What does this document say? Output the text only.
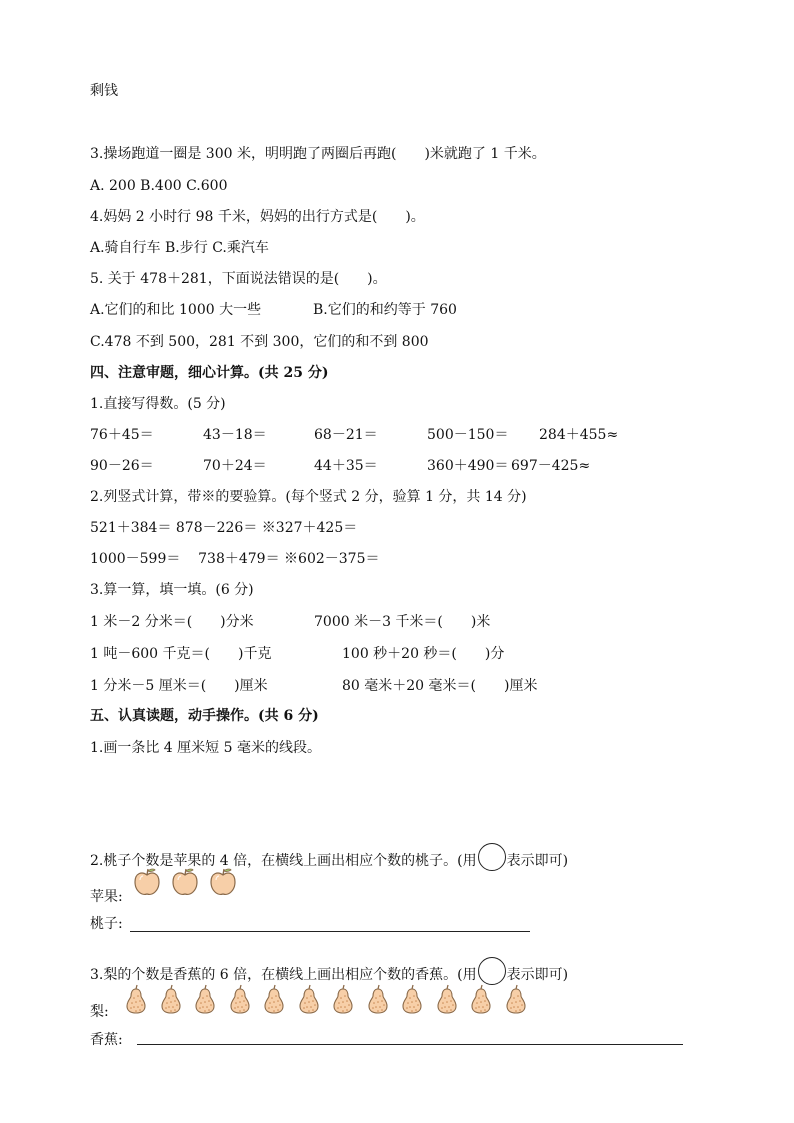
剩钱
3.操场跑道一圈是 300 米，明明跑了两圈后再跑(　　)米就跑了 1 千米。
A. 200 B.400 C.600
4.妈妈 2 小时行 98 千米，妈妈的出行方式是(　　)。
A.骑自行车 B.步行 C.乘汽车
5. 关于 478＋281，下面说法错误的是(　　)。
A.它们的和比 1000 大一些	B.它们的和约等于 760
C.478 不到 500，281 不到 300，它们的和不到 800
四、注意审题，细心计算。(共 25 分)
1.直接写得数。(5 分)
76＋45＝	43－18＝	68－21＝	500－150＝ 284＋455≈
90－26＝	70＋24＝	44＋35＝	360＋490＝ 697－425≈
2.列竖式计算，带※的要验算。(每个竖式 2 分，验算 1 分，共 14 分)
521＋384＝ 878－226＝ ※327＋425＝
1000－599＝    738＋479＝ ※602－375＝
3.算一算，填一填。(6 分)
1 米－2 分米＝(　　)分米	7000 米－3 千米＝(　　)米
1 吨－600 千克＝(　　)千克	100 秒＋20 秒＝(　　)分
1 分米－5 厘米＝(　　)厘米	80 毫米＋20 毫米＝(　　)厘米
五、认真读题，动手操作。(共 6 分)
1.画一条比 4 厘米短 5 毫米的线段。
2.桃子个数是苹果的 4 倍，在横线上画出相应个数的桃子。(用 表示即可)
苹果:
桃子:
3.梨的个数是香蕉的 6 倍，在横线上画出相应个数的香蕉。(用 表示即可)
梨:
香蕉:
